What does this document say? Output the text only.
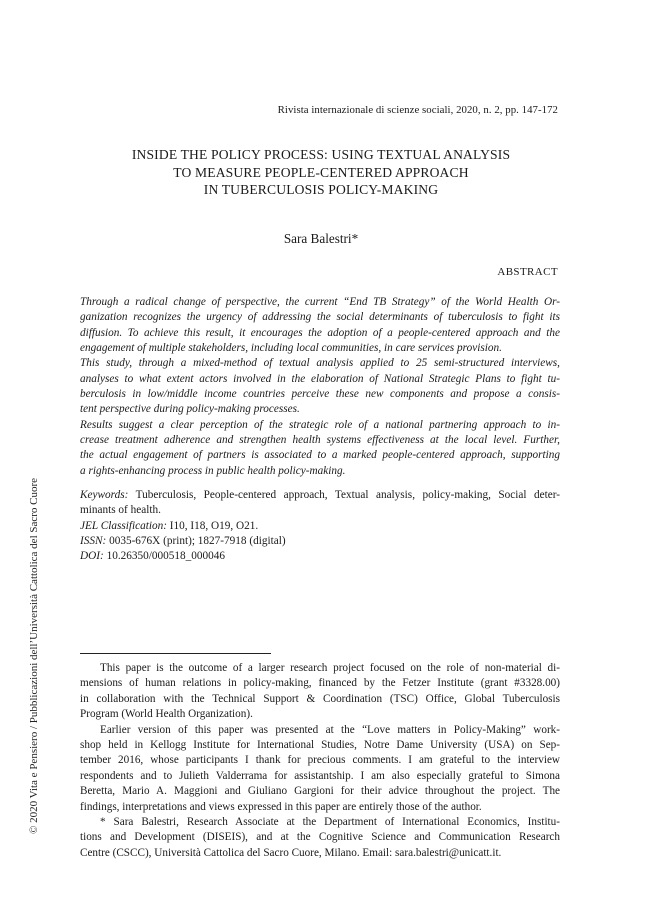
Rivista internazionale di scienze sociali, 2020, n. 2, pp. 147-172
INSIDE THE POLICY PROCESS: USING TEXTUAL ANALYSIS
TO MEASURE PEOPLE-CENTERED APPROACH
IN TUBERCULOSIS POLICY-MAKING
Sara Balestri*
ABSTRACT
Through a radical change of perspective, the current “End TB Strategy” of the World Health Or-
ganization recognizes the urgency of addressing the social determinants of tuberculosis to fight its
diffusion. To achieve this result, it encourages the adoption of a people-centered approach and the
engagement of multiple stakeholders, including local communities, in care services provision.
This study, through a mixed-method of textual analysis applied to 25 semi-structured interviews,
analyses to what extent actors involved in the elaboration of National Strategic Plans to fight tu-
berculosis in low/middle income countries perceive these new components and propose a consis-
tent perspective during policy-making processes.
Results suggest a clear perception of the strategic role of a national partnering approach to in-
crease treatment adherence and strengthen health systems effectiveness at the local level. Further,
the actual engagement of partners is associated to a marked people-centered approach, supporting
a rights-enhancing process in public health policy-making.
Keywords: Tuberculosis, People-centered approach, Textual analysis, policy-making, Social deter-
minants of health.
JEL Classification: I10, I18, O19, O21.
ISSN: 0035-676X (print); 1827-7918 (digital)
DOI: 10.26350/000518_000046
This paper is the outcome of a larger research project focused on the role of non-material di-
mensions of human relations in policy-making, financed by the Fetzer Institute (grant #3328.00)
in collaboration with the Technical Support & Coordination (TSC) Office, Global Tuberculosis
Program (World Health Organization).
Earlier version of this paper was presented at the “Love matters in Policy-Making” work-
shop held in Kellogg Institute for International Studies, Notre Dame University (USA) on Sep-
tember 2016, whose participants I thank for precious comments. I am grateful to the interview
respondents and to Julieth Valderrama for assistantship. I am also especially grateful to Simona
Beretta, Mario A. Maggioni and Giuliano Gargioni for their advice throughout the project. The
findings, interpretations and views expressed in this paper are entirely those of the author.
* Sara Balestri, Research Associate at the Department of International Economics, Institu-
tions and Development (DISEIS), and at the Cognitive Science and Communication Research
Centre (CSCC), Università Cattolica del Sacro Cuore, Milano. Email: sara.balestri@unicatt.it.
© 2020 Vita e Pensiero / Pubblicazioni dell’Università Cattolica del Sacro Cuore
